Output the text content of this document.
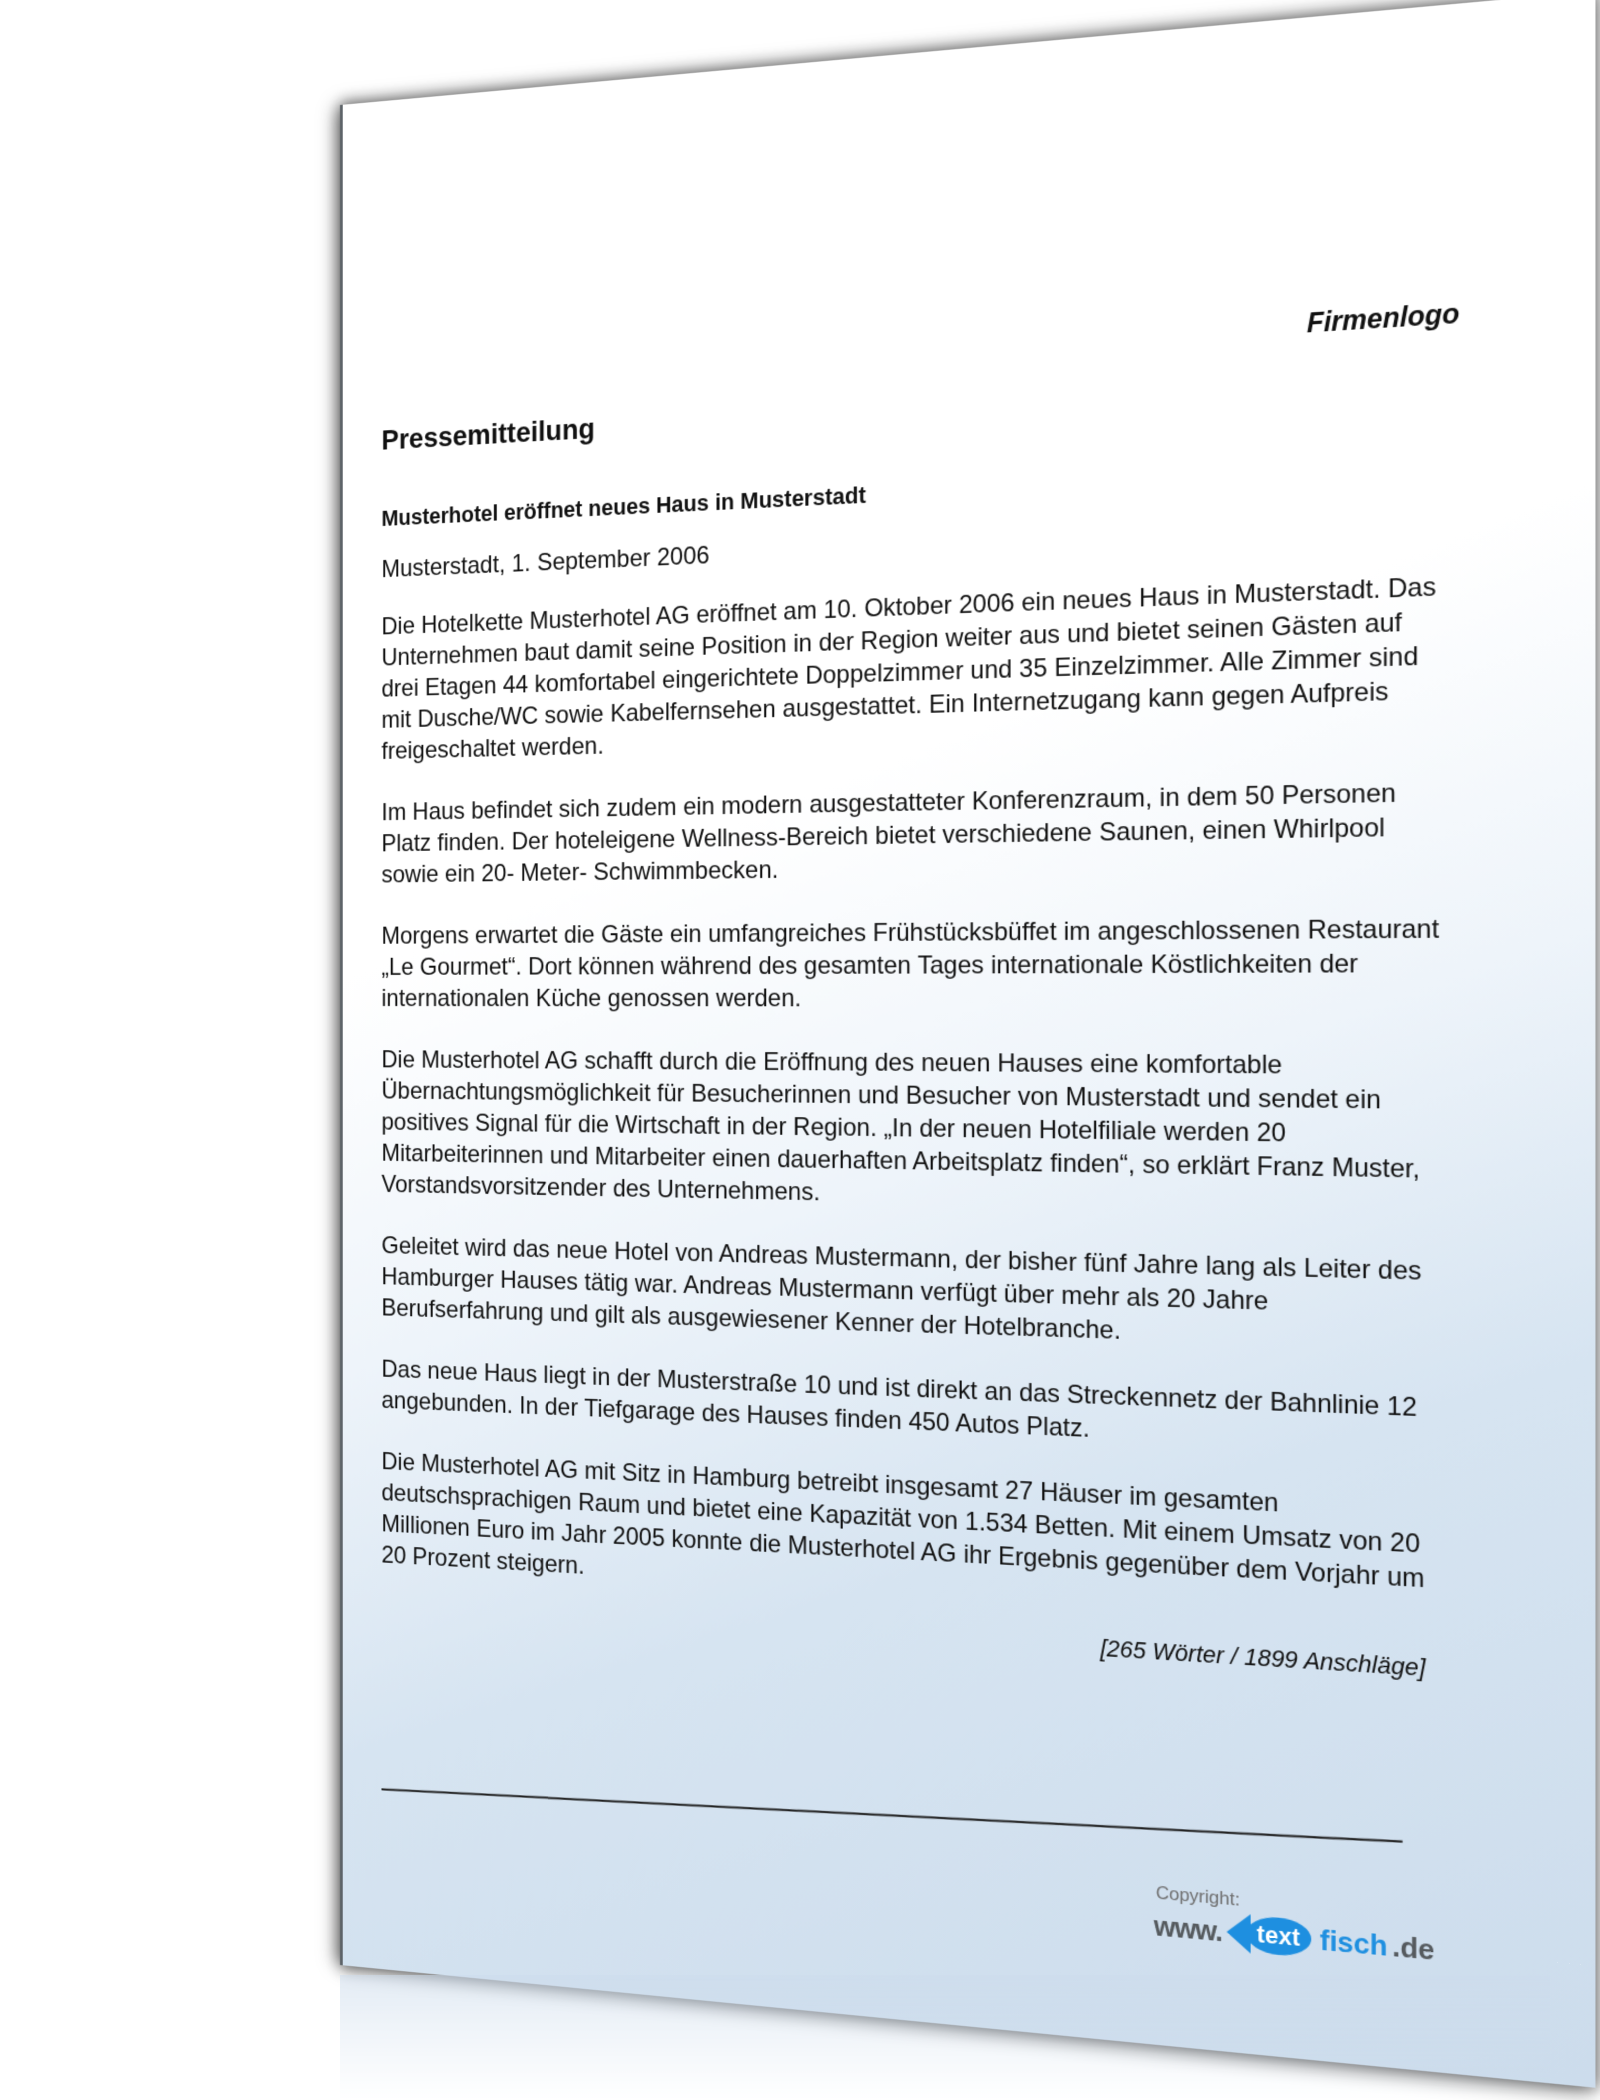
Firmenlogo
Pressemitteilung
Musterhotel eröffnet neues Haus in Musterstadt
Musterstadt, 1. September 2006

Die Hotelkette Musterhotel AG eröffnet am 10. Oktober 2006 ein neues Haus in Musterstadt. Das Unternehmen baut damit seine Position in der Region weiter aus und bietet seinen Gästen auf drei Etagen 44 komfortabel eingerichtete Doppelzimmer und 35 Einzelzimmer. Alle Zimmer sind mit Dusche/WC sowie Kabelfernsehen ausgestattet. Ein Internetzugang kann gegen Aufpreis freigeschaltet werden.

Im Haus befindet sich zudem ein modern ausgestatteter Konferenzraum, in dem 50 Personen Platz finden. Der hoteleigene Wellness-Bereich bietet verschiedene Saunen, einen Whirlpool sowie ein 20- Meter- Schwimmbecken.

Morgens erwartet die Gäste ein umfangreiches Frühstücksbüffet im angeschlossenen Restaurant „Le Gourmet“. Dort können während des gesamten Tages internationale Köstlichkeiten der internationalen Küche genossen werden.

Die Musterhotel AG schafft durch die Eröffnung des neuen Hauses eine komfortable Übernachtungsmöglichkeit für Besucherinnen und Besucher von Musterstadt und sendet ein positives Signal für die Wirtschaft in der Region. „In der neuen Hotelfiliale werden 20 Mitarbeiterinnen und Mitarbeiter einen dauerhaften Arbeitsplatz finden“, so erklärt Franz Muster, Vorstandsvorsitzender des Unternehmens.

Geleitet wird das neue Hotel von Andreas Mustermann, der bisher fünf Jahre lang als Leiter des Hamburger Hauses tätig war. Andreas Mustermann verfügt über mehr als 20 Jahre Berufserfahrung und gilt als ausgewiesener Kenner der Hotelbranche.

Das neue Haus liegt in der Musterstraße 10 und ist direkt an das Streckennetz der Bahnlinie 12 angebunden. In der Tiefgarage des Hauses finden 450 Autos Platz.

Die Musterhotel AG mit Sitz in Hamburg betreibt insgesamt 27 Häuser im gesamten deutschsprachigen Raum und bietet eine Kapazität von 1.534 Betten. Mit einem Umsatz von 20 Millionen Euro im Jahr 2005 konnte die Musterhotel AG ihr Ergebnis gegenüber dem Vorjahr um 20 Prozent steigern.

[265 Wörter / 1899 Anschläge]
Copyright:
www.	text fisch .de
